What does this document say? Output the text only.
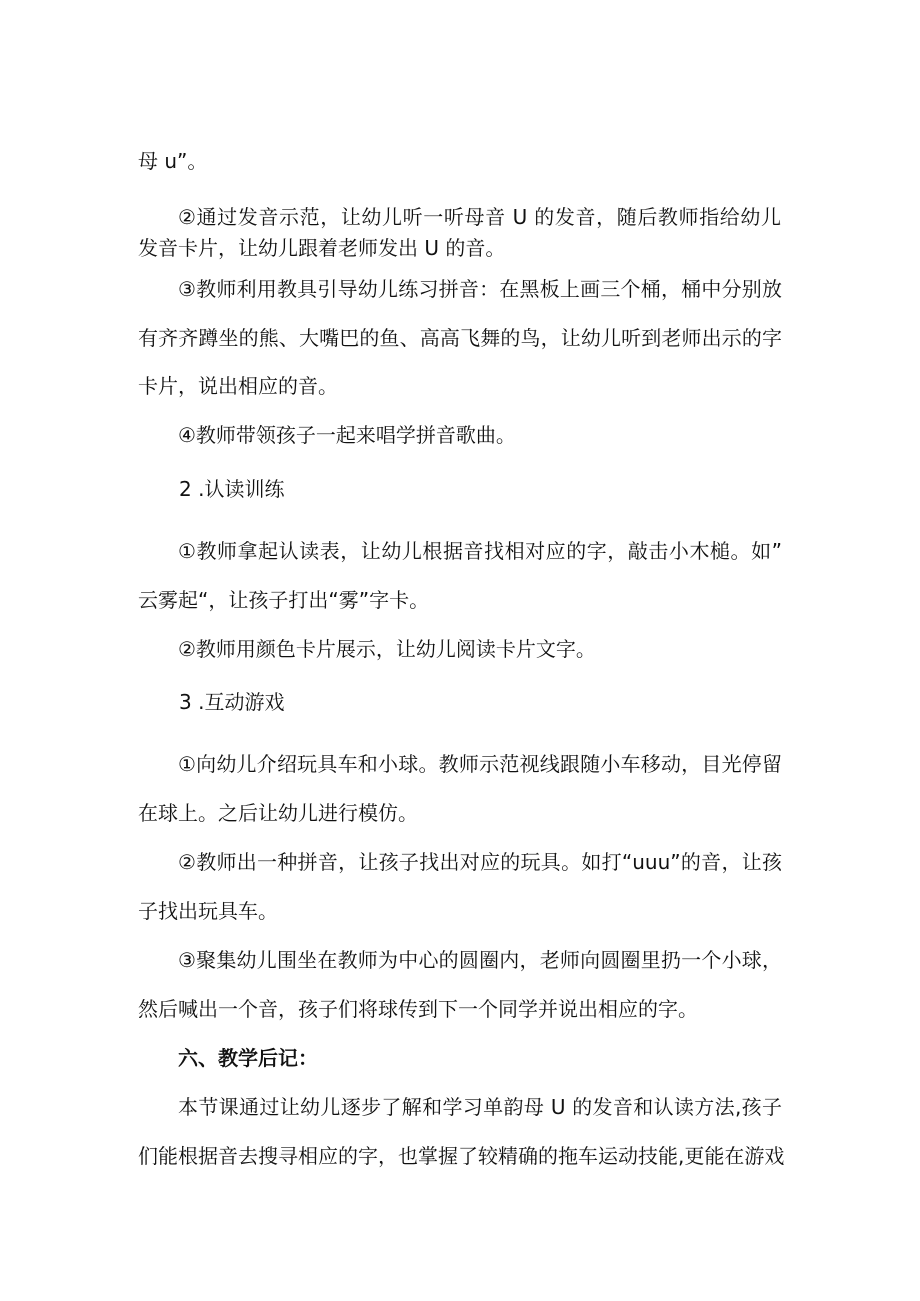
母 u”。
②通过发音示范，让幼儿听一听母音 U 的发音，随后教师指给幼儿
发音卡片，让幼儿跟着老师发出 U 的音。
③教师利用教具引导幼儿练习拼音：在黑板上画三个桶，桶中分别放
有齐齐蹲坐的熊、大嘴巴的鱼、高高飞舞的鸟，让幼儿听到老师出示的字
卡片，说出相应的音。
④教师带领孩子一起来唱学拼音歌曲。
2 .认读训练
①教师拿起认读表，让幼儿根据音找相对应的字，敲击小木槌。如”
云雾起“，让孩子打出“雾”字卡。
②教师用颜色卡片展示，让幼儿阅读卡片文字。
3 .互动游戏
①向幼儿介绍玩具车和小球。教师示范视线跟随小车移动，目光停留
在球上。之后让幼儿进行模仿。
②教师出一种拼音，让孩子找出对应的玩具。如打“uuu”的音，让孩
子找出玩具车。
③聚集幼儿围坐在教师为中心的圆圈内，老师向圆圈里扔一个小球，
然后喊出一个音，孩子们将球传到下一个同学并说出相应的字。
六、教学后记：
本节课通过让幼儿逐步了解和学习单韵母 U 的发音和认读方法,孩子
们能根据音去搜寻相应的字，也掌握了较精确的拖车运动技能,更能在游戏
